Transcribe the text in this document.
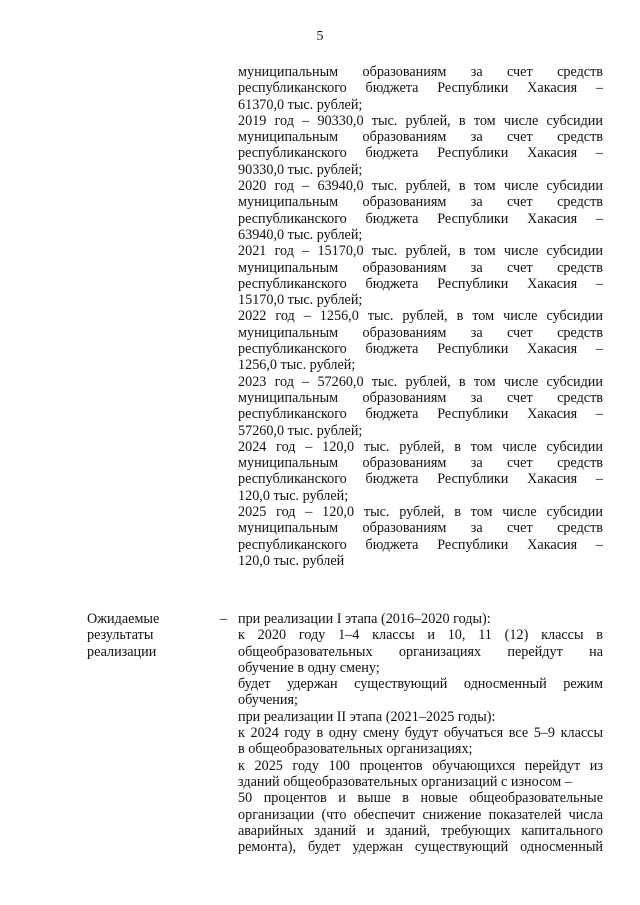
5
муниципальным образованиям за счет средств
республиканского бюджета Республики Хакасия –
61370,0 тыс. рублей;
2019 год – 90330,0 тыс. рублей, в том числе субсидии
муниципальным образованиям за счет средств
республиканского бюджета Республики Хакасия –
90330,0 тыс. рублей;
2020 год – 63940,0 тыс. рублей, в том числе субсидии
муниципальным образованиям за счет средств
республиканского бюджета Республики Хакасия –
63940,0 тыс. рублей;
2021 год – 15170,0 тыс. рублей, в том числе субсидии
муниципальным образованиям за счет средств
республиканского бюджета Республики Хакасия –
15170,0 тыс. рублей;
2022 год – 1256,0 тыс. рублей, в том числе субсидии
муниципальным образованиям за счет средств
республиканского бюджета Республики Хакасия –
1256,0 тыс. рублей;
2023 год – 57260,0 тыс. рублей, в том числе субсидии
муниципальным образованиям за счет средств
республиканского бюджета Республики Хакасия –
57260,0 тыс. рублей;
2024 год – 120,0 тыс. рублей, в том числе субсидии
муниципальным образованиям за счет средств
республиканского бюджета Республики Хакасия –
120,0 тыс. рублей;
2025 год – 120,0 тыс. рублей, в том числе субсидии
муниципальным образованиям за счет средств
республиканского бюджета Республики Хакасия –
120,0 тыс. рублей
Ожидаемые
результаты
реализации
– при реализации I этапа (2016–2020 годы):
к 2020 году 1–4 классы и 10, 11 (12) классы в
общеобразовательных организациях перейдут на
обучение в одну смену;
будет удержан существующий односменный режим
обучения;
при реализации II этапа (2021–2025 годы):
к 2024 году в одну смену будут обучаться все 5–9 классы
в общеобразовательных организациях;
к 2025 году 100 процентов обучающихся перейдут из
зданий общеобразовательных организаций с износом –
50 процентов и выше в новые общеобразовательные
организации (что обеспечит снижение показателей числа
аварийных зданий и зданий, требующих капитального
ремонта), будет удержан существующий односменный
